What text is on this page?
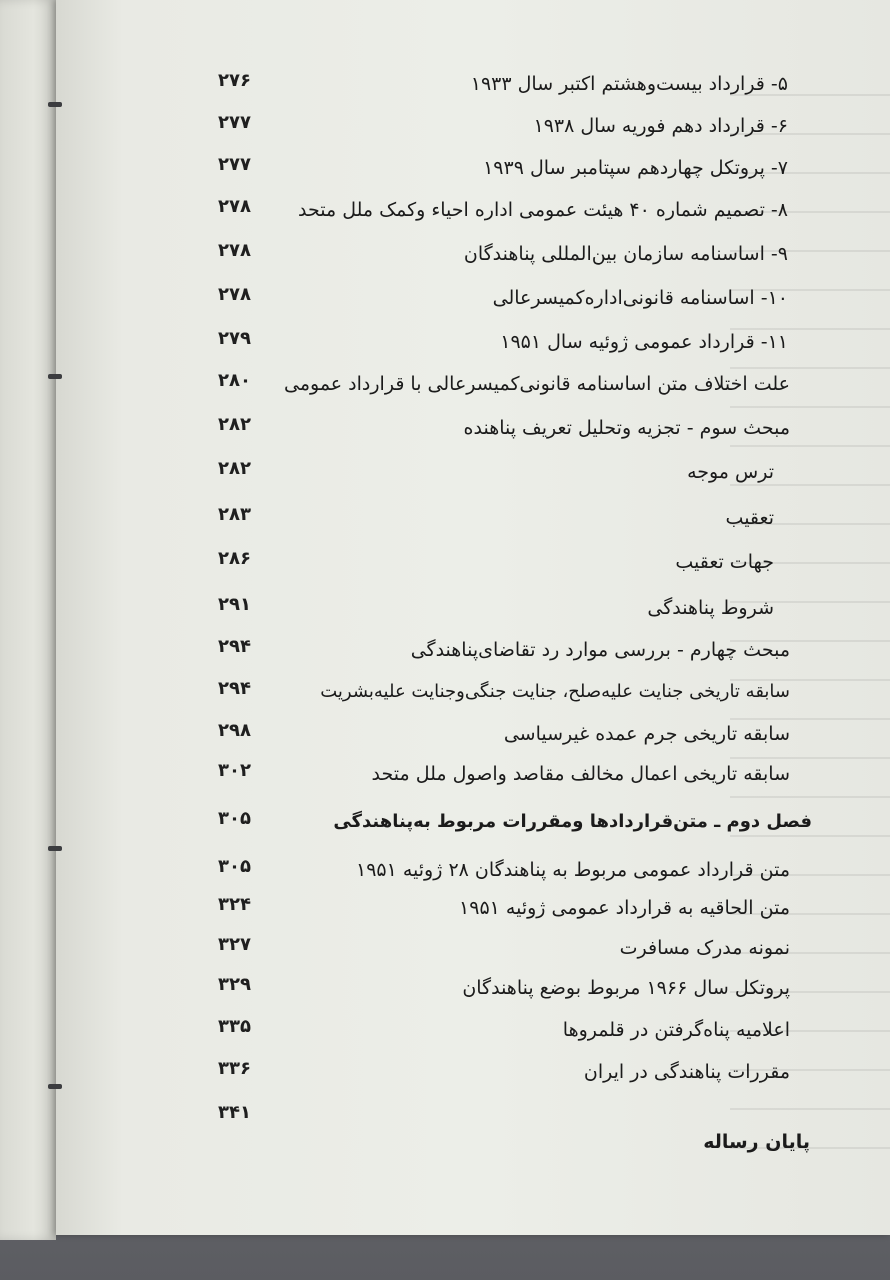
۵- قرارداد بیست‌وهشتم اکتبر سال ۱۹۳۳
۲۷۶
۶- قرارداد دهم فوریه سال ۱۹۳۸
۲۷۷
۷- پروتکل چهاردهم سپتامبر سال ۱۹۳۹
۲۷۷
۸- تصمیم شماره ۴۰ هیئت عمومی اداره احیاء وکمک ملل متحد
۲۷۸
۹- اساسنامه سازمان بین‌المللی پناهندگان
۲۷۸
۱۰- اساسنامه قانونی‌اداره‌کمیسرعالی
۲۷۸
۱۱- قرارداد عمومی ژوئیه سال ۱۹۵۱
۲۷۹
علت اختلاف متن اساسنامه قانونی‌کمیسرعالی با قرارداد عمومی
۲۸۰
مبحث سوم - تجزیه وتحلیل تعریف پناهنده
۲۸۲
ترس موجه
۲۸۲
تعقیب
۲۸۳
جهات تعقیب
۲۸۶
شروط پناهندگی
۲۹۱
مبحث چهارم - بررسی موارد رد تقاضای‌پناهندگی
۲۹۴
سابقه تاریخی جنایت علیه‌صلح، جنایت جنگی‌وجنایت علیه‌بشریت
۲۹۴
سابقه تاریخی جرم عمده غیرسیاسی
۲۹۸
سابقه تاریخی اعمال مخالف مقاصد واصول ملل متحد
۳۰۲
فصل دوم ـ متن‌قراردادها ومقررات مربوط به‌پناهندگی
۳۰۵
متن قرارداد عمومی مربوط به پناهندگان ۲۸ ژوئیه ۱۹۵۱
۳۰۵
متن الحاقیه به قرارداد عمومی ژوئیه ۱۹۵۱
۳۲۴
نمونه مدرک مسافرت
۳۲۷
پروتکل سال ۱۹۶۶ مربوط بوضع پناهندگان
۳۲۹
اعلامیه پناه‌گرفتن در قلمروها
۳۳۵
مقررات پناهندگی در ایران
۳۳۶
۳۴۱
پایان رساله
